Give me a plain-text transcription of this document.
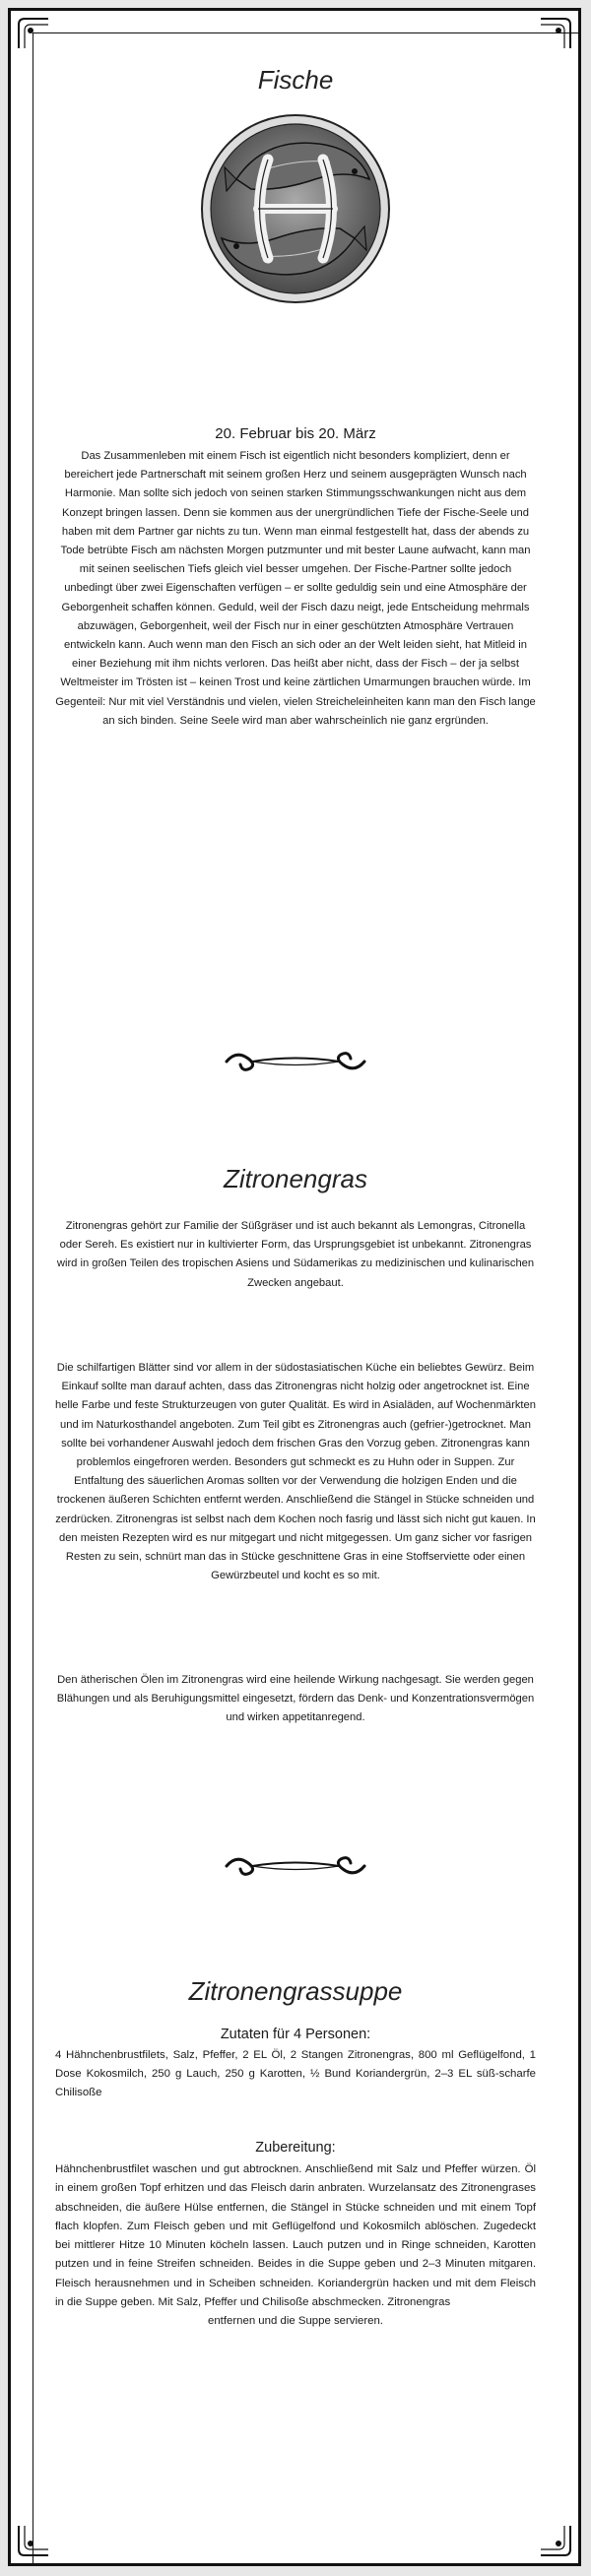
Fische
20. Februar bis 20. März
Das Zusammenleben mit einem Fisch ist eigentlich nicht besonders kompliziert, denn er bereichert jede Partnerschaft mit seinem großen Herz und seinem ausgeprägten Wunsch nach Harmonie. Man sollte sich jedoch von seinen starken Stimmungsschwankungen nicht aus dem Konzept bringen lassen. Denn sie kommen aus der unergründlichen Tiefe der Fische-Seele und haben mit dem Partner gar nichts zu tun. Wenn man einmal festgestellt hat, dass der abends zu Tode betrübte Fisch am nächsten Morgen putzmunter und mit bester Laune aufwacht, kann man mit seinen seelischen Tiefs gleich viel besser umgehen. Der Fische-Partner sollte jedoch unbedingt über zwei Eigenschaften verfügen – er sollte geduldig sein und eine Atmosphäre der Geborgenheit schaffen können. Geduld, weil der Fisch dazu neigt, jede Entscheidung mehrmals abzuwägen, Geborgenheit, weil der Fisch nur in einer geschützten Atmosphäre Vertrauen entwickeln kann. Auch wenn man den Fisch an sich oder an der Welt leiden sieht, hat Mitleid in einer Beziehung mit ihm nichts verloren. Das heißt aber nicht, dass der Fisch – der ja selbst Weltmeister im Trösten ist – keinen Trost und keine zärtlichen Umarmungen brauchen würde. Im Gegenteil: Nur mit viel Verständnis und vielen, vielen Streicheleinheiten kann man den Fisch lange an sich binden. Seine Seele wird man aber wahrscheinlich nie ganz ergründen.
Zitronengras
Zitronengras gehört zur Familie der Süßgräser und ist auch bekannt als Lemongras, Citronella oder Sereh. Es existiert nur in kultivierter Form, das Ursprungsgebiet ist unbekannt. Zitronengras wird in großen Teilen des tropischen Asiens und Südamerikas zu medizinischen und kulinarischen Zwecken angebaut.
Die schilfartigen Blätter sind vor allem in der südostasiatischen Küche ein beliebtes Gewürz. Beim Einkauf sollte man darauf achten, dass das Zitronengras nicht holzig oder angetrocknet ist. Eine helle Farbe und feste Strukturzeugen von guter Qualität. Es wird in Asialäden, auf Wochenmärkten und im Naturkosthandel angeboten. Zum Teil gibt es Zitronengras auch (gefrier-)getrocknet. Man sollte bei vorhandener Auswahl jedoch dem frischen Gras den Vorzug geben. Zitronengras kann problemlos eingefroren werden. Besonders gut schmeckt es zu Huhn oder in Suppen. Zur Entfaltung des säuerlichen Aromas sollten vor der Verwendung die holzigen Enden und die trockenen äußeren Schichten entfernt werden. Anschließend die Stängel in Stücke schneiden und zerdrücken. Zitronengras ist selbst nach dem Kochen noch fasrig und lässt sich nicht gut kauen. In den meisten Rezepten wird es nur mitgegart und nicht mitgegessen. Um ganz sicher vor fasrigen Resten zu sein, schnürt man das in Stücke geschnittene Gras in eine Stoffserviette oder einen Gewürzbeutel und kocht es so mit.
Den ätherischen Ölen im Zitronengras wird eine heilende Wirkung nachgesagt. Sie werden gegen Blähungen und als Beruhigungsmittel eingesetzt, fördern das Denk- und Konzentrationsvermögen und wirken appetitanregend.
Zitronengrassuppe
Zutaten für 4 Personen:
4 Hähnchenbrustfilets, Salz, Pfeffer, 2 EL Öl, 2 Stangen Zitronengras, 800 ml Geflügelfond, 1 Dose Kokosmilch, 250 g Lauch, 250 g Karotten, ½ Bund Koriandergrün, 2–3 EL süß-scharfe Chilisoße
Zubereitung:
Hähnchenbrustfilet waschen und gut abtrocknen. Anschließend mit Salz und Pfeffer würzen. Öl in einem großen Topf erhitzen und das Fleisch darin anbraten. Wurzelansatz des Zitronengrases abschneiden, die äußere Hülse entfernen, die Stängel in Stücke schneiden und mit einem Topf flach klopfen. Zum Fleisch geben und mit Geflügelfond und Kokosmilch ablöschen. Zugedeckt bei mittlerer Hitze 10 Minuten köcheln lassen. Lauch putzen und in Ringe schneiden, Karotten putzen und in feine Streifen schneiden. Beides in die Suppe geben und 2–3 Minuten mitgaren. Fleisch herausnehmen und in Scheiben schneiden. Koriandergrün hacken und mit dem Fleisch in die Suppe geben. Mit Salz, Pfeffer und Chilisoße abschmecken. Zitronengras
entfernen und die Suppe servieren.
